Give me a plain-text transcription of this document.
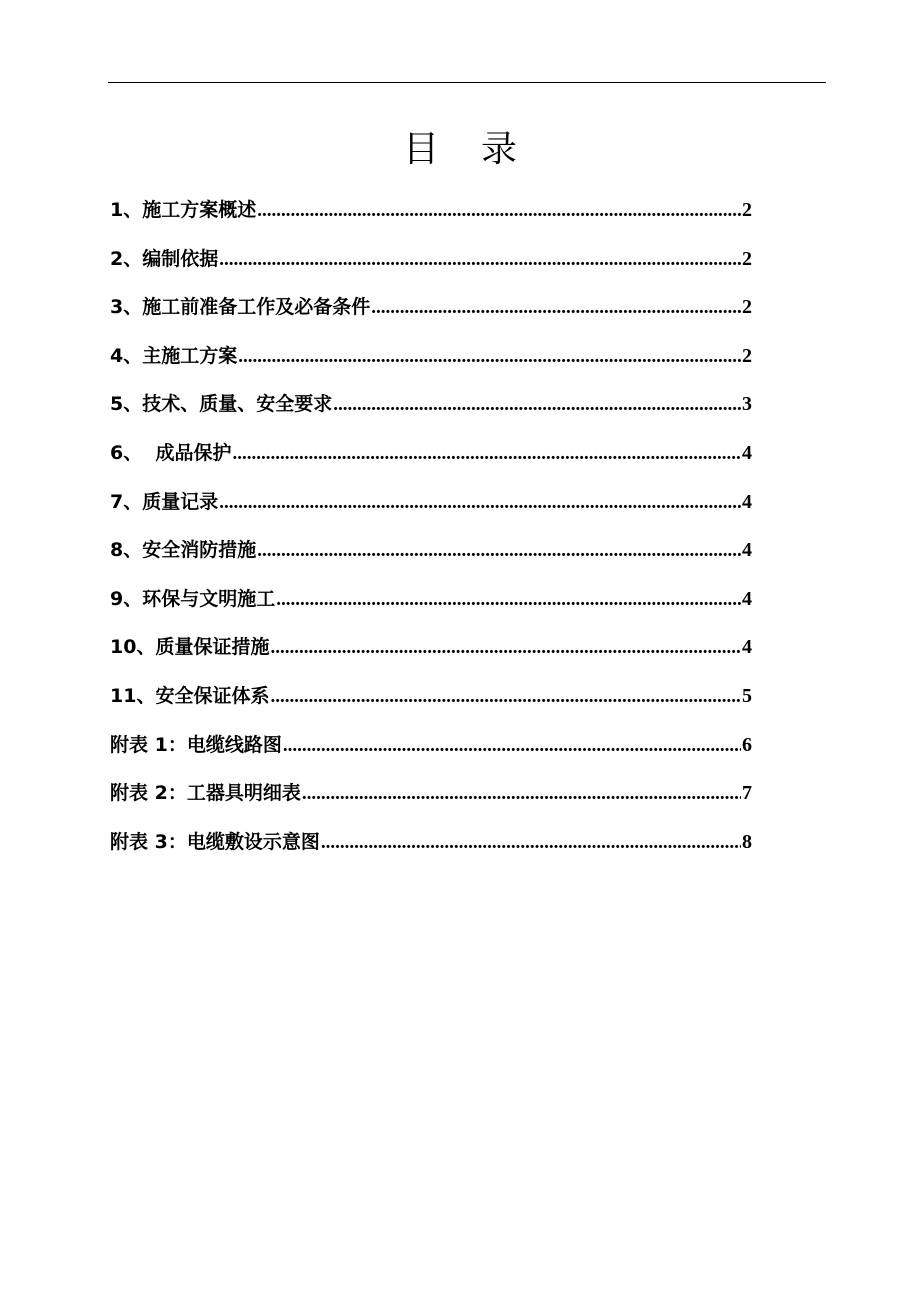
目 录
1、施工方案概述 .....	2
2、编制依据 .....	2
3、施工前准备工作及必备条件 .....	2
4、主施工方案 .....	2
5、技术、质量、安全要求 .....	3
6、  成品保护 .....	4
7、质量记录 .....	4
8、安全消防措施 .....	4
9、环保与文明施工 .....	4
10、质量保证措施 .....	4
11、安全保证体系 .....	5
附表 1：电缆线路图 .....	6
附表 2：工器具明细表 .....	7
附表 3：电缆敷设示意图 .....	8
